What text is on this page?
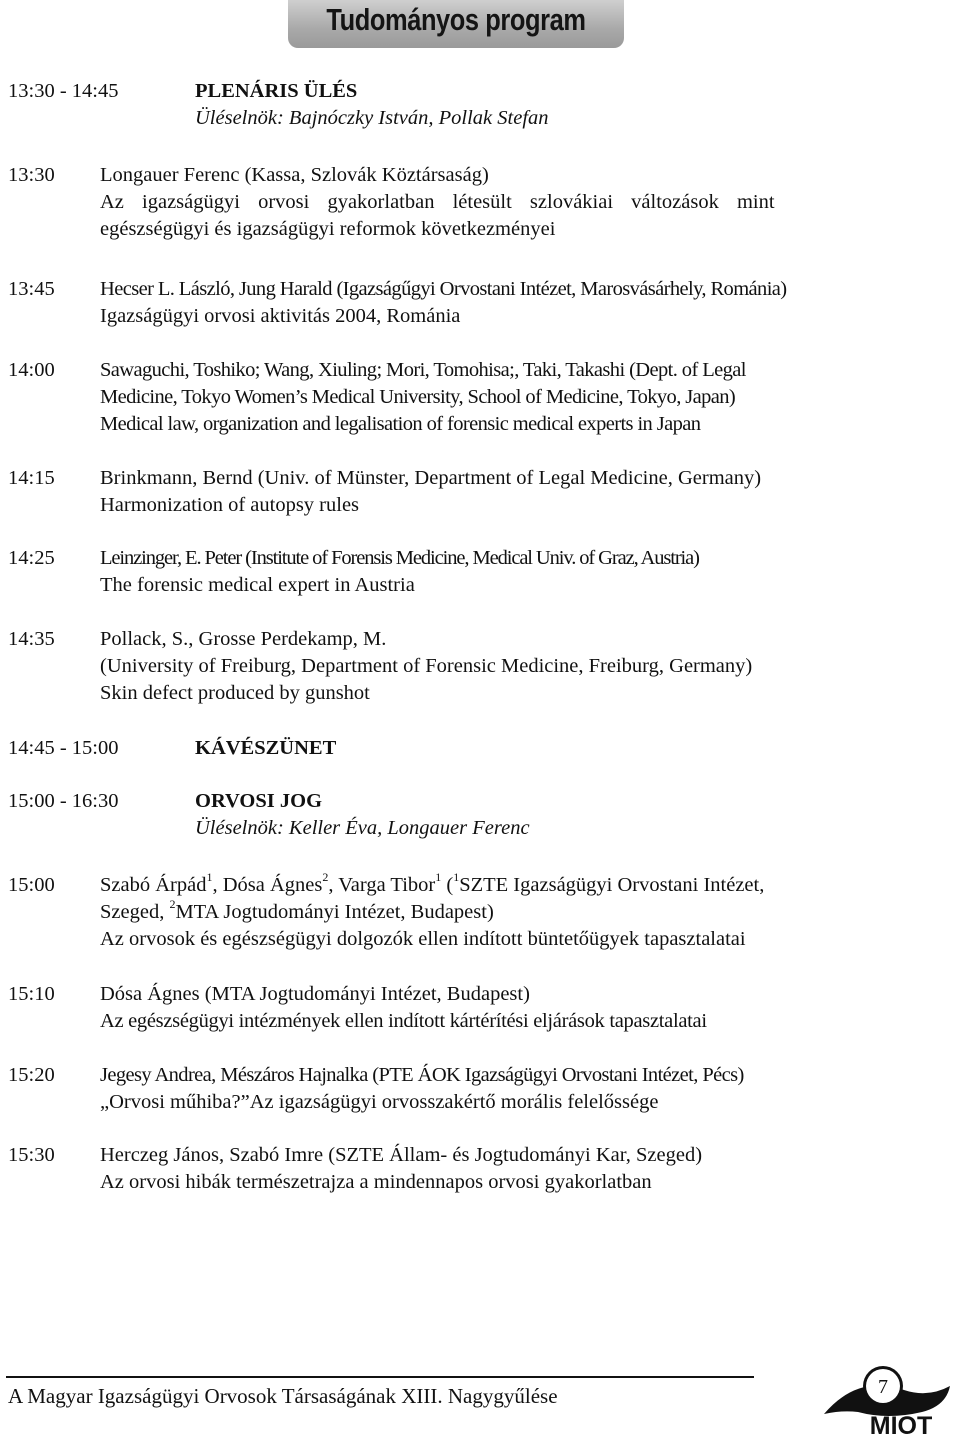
Tudományos program
13:30 - 14:45	PLENÁRIS ÜLÉS
Üléselnök: Bajnóczky István, Pollak Stefan
13:30 Longauer Ferenc (Kassa, Szlovák Köztársaság)
Az igazságügyi orvosi gyakorlatban létesült szlovákiai változások mint
egészségügyi és igazságügyi reformok következményei
13:45 Hecser L. László, Jung Harald (Igazságűgyi Orvostani Intézet, Marosvásárhely, Románia)
Igazságügyi orvosi aktivitás 2004, Románia
14:00 Sawaguchi, Toshiko; Wang, Xiuling; Mori, Tomohisa;, Taki, Takashi (Dept. of Legal
Medicine, Tokyo Women’s Medical University, School of Medicine, Tokyo, Japan)
Medical law, organization and legalisation of forensic medical experts in Japan
14:15 Brinkmann, Bernd (Univ. of Münster, Department of Legal Medicine, Germany)
Harmonization of autopsy rules
14:25 Leinzinger, E. Peter (Institute of Forensis Medicine, Medical Univ. of Graz, Austria)
The forensic medical expert in Austria
14:35 Pollack, S., Grosse Perdekamp, M.
(University of Freiburg, Department of Forensic Medicine, Freiburg, Germany)
Skin defect produced by gunshot
14:45 - 15:00	KÁVÉSZÜNET
15:00 - 16:30	ORVOSI JOG
Üléselnök: Keller Éva, Longauer Ferenc
15:00 Szabó Árpád$^1$, Dósa Ágnes$^2$, Varga Tibor$^1$ ($^1$SZTE Igazságügyi Orvostani Intézet,
Szeged, $^2$MTA Jogtudományi Intézet, Budapest)
Az orvosok és egészségügyi dolgozók ellen indított büntetőügyek tapasztalatai
15:10 Dósa Ágnes (MTA Jogtudományi Intézet, Budapest)
Az egészségügyi intézmények ellen indított kártérítési eljárások tapasztalatai
15:20 Jegesy Andrea, Mészáros Hajnalka (PTE ÁOK Igazságügyi Orvostani Intézet, Pécs)
„Orvosi műhiba?”Az igazságügyi orvosszakértő morális felelőssége
15:30 Herczeg János, Szabó Imre (SZTE Állam- és Jogtudományi Kar, Szeged)
Az orvosi hibák természetrajza a mindennapos orvosi gyakorlatban
A Magyar Igazságügyi Orvosok Társaságának XIII. Nagygyűlése	7
MIOT
